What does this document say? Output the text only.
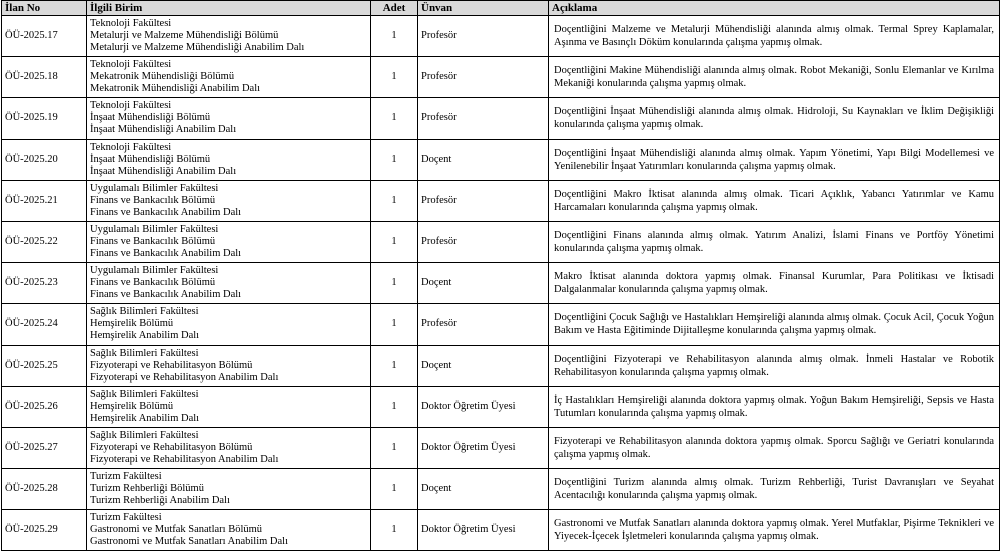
İlan No	İlgili Birim	Adet	Ünvan	Açıklama
ÖÜ-2025.17	Teknoloji Fakültesi
Metalurji ve Malzeme Mühendisliği Bölümü
Metalurji ve Malzeme Mühendisliği Anabilim Dalı	1	Profesör	Doçentliğini Malzeme ve Metalurji Mühendisliği alanında almış olmak. Termal Sprey Kaplamalar, Aşınma ve Basınçlı Döküm konularında çalışma yapmış olmak.
ÖÜ-2025.18	Teknoloji Fakültesi
Mekatronik Mühendisliği Bölümü
Mekatronik Mühendisliği Anabilim Dalı	1	Profesör	Doçentliğini Makine Mühendisliği alanında almış olmak. Robot Mekaniği, Sonlu Elemanlar ve Kırılma Mekaniği konularında çalışma yapmış olmak.
ÖÜ-2025.19	Teknoloji Fakültesi
İnşaat Mühendisliği Bölümü
İnşaat Mühendisliği Anabilim Dalı	1	Profesör	Doçentliğini İnşaat Mühendisliği alanında almış olmak. Hidroloji, Su Kaynakları ve İklim Değişikliği konularında çalışma yapmış olmak.
ÖÜ-2025.20	Teknoloji Fakültesi
İnşaat Mühendisliği Bölümü
İnşaat Mühendisliği Anabilim Dalı	1	Doçent	Doçentliğini İnşaat Mühendisliği alanında almış olmak. Yapım Yönetimi, Yapı Bilgi Modellemesi ve Yenilenebilir İnşaat Yatırımları konularında çalışma yapmış olmak.
ÖÜ-2025.21	Uygulamalı Bilimler Fakültesi
Finans ve Bankacılık Bölümü
Finans ve Bankacılık Anabilim Dalı	1	Profesör	Doçentliğini Makro İktisat alanında almış olmak. Ticari Açıklık, Yabancı Yatırımlar ve Kamu Harcamaları konularında çalışma yapmış olmak.
ÖÜ-2025.22	Uygulamalı Bilimler Fakültesi
Finans ve Bankacılık Bölümü
Finans ve Bankacılık Anabilim Dalı	1	Profesör	Doçentliğini Finans alanında almış olmak. Yatırım Analizi, İslami Finans ve Portföy Yönetimi konularında çalışma yapmış olmak.
ÖÜ-2025.23	Uygulamalı Bilimler Fakültesi
Finans ve Bankacılık Bölümü
Finans ve Bankacılık Anabilim Dalı	1	Doçent	Makro İktisat alanında doktora yapmış olmak. Finansal Kurumlar, Para Politikası ve İktisadi Dalgalanmalar konularında çalışma yapmış olmak.
ÖÜ-2025.24	Sağlık Bilimleri Fakültesi
Hemşirelik Bölümü
Hemşirelik Anabilim Dalı	1	Profesör	Doçentliğini Çocuk Sağlığı ve Hastalıkları Hemşireliği alanında almış olmak. Çocuk Acil, Çocuk Yoğun Bakım ve Hasta Eğitiminde Dijitalleşme konularında çalışma yapmış olmak.
ÖÜ-2025.25	Sağlık Bilimleri Fakültesi
Fizyoterapi ve Rehabilitasyon Bölümü
Fizyoterapi ve Rehabilitasyon Anabilim Dalı	1	Doçent	Doçentliğini Fizyoterapi ve Rehabilitasyon alanında almış olmak. İnmeli Hastalar ve Robotik Rehabilitasyon konularında çalışma yapmış olmak.
ÖÜ-2025.26	Sağlık Bilimleri Fakültesi
Hemşirelik Bölümü
Hemşirelik Anabilim Dalı	1	Doktor Öğretim Üyesi	İç Hastalıkları Hemşireliği alanında doktora yapmış olmak. Yoğun Bakım Hemşireliği, Sepsis ve Hasta Tutumları konularında çalışma yapmış olmak.
ÖÜ-2025.27	Sağlık Bilimleri Fakültesi
Fizyoterapi ve Rehabilitasyon Bölümü
Fizyoterapi ve Rehabilitasyon Anabilim Dalı	1	Doktor Öğretim Üyesi	Fizyoterapi ve Rehabilitasyon alanında doktora yapmış olmak. Sporcu Sağlığı ve Geriatri konularında çalışma yapmış olmak.
ÖÜ-2025.28	Turizm Fakültesi
Turizm Rehberliği Bölümü
Turizm Rehberliği Anabilim Dalı	1	Doçent	Doçentliğini Turizm alanında almış olmak. Turizm Rehberliği, Turist Davranışları ve Seyahat Acentacılığı konularında çalışma yapmış olmak.
ÖÜ-2025.29	Turizm Fakültesi
Gastronomi ve Mutfak Sanatları Bölümü
Gastronomi ve Mutfak Sanatları Anabilim Dalı	1	Doktor Öğretim Üyesi	Gastronomi ve Mutfak Sanatları alanında doktora yapmış olmak. Yerel Mutfaklar, Pişirme Teknikleri ve Yiyecek-İçecek İşletmeleri konularında çalışma yapmış olmak.
